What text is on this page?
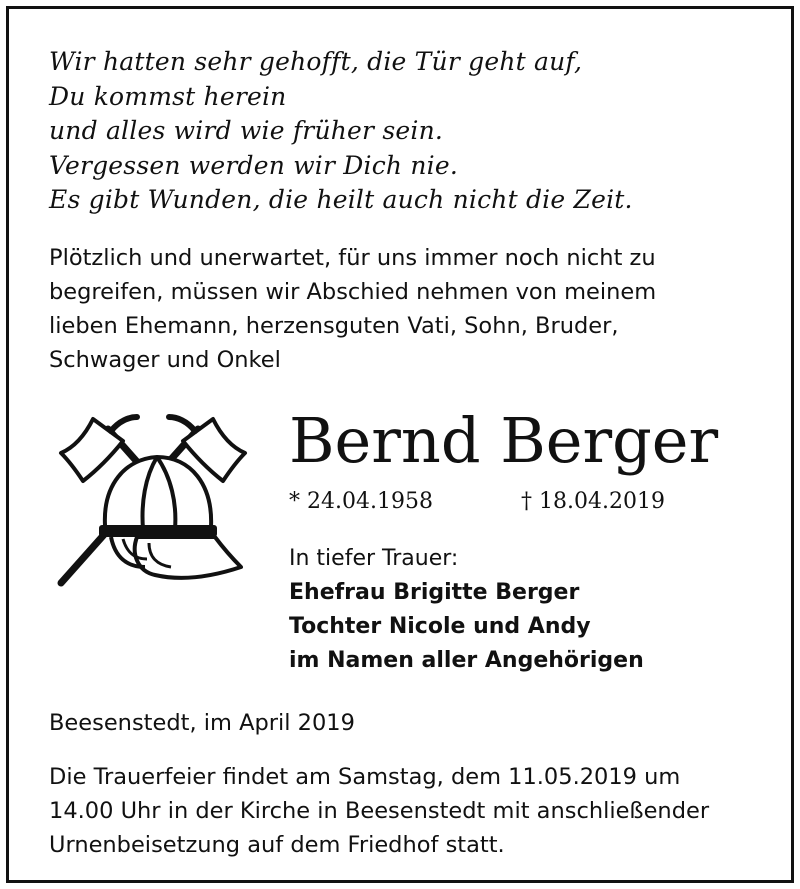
Wir hatten sehr gehofft, die Tür geht auf,
Du kommst herein
und alles wird wie früher sein.
Vergessen werden wir Dich nie.
Es gibt Wunden, die heilt auch nicht die Zeit.
Plötzlich und unerwartet, für uns immer noch nicht zu
begreifen, müssen wir Abschied nehmen von meinem
lieben Ehemann, herzensguten Vati, Sohn, Bruder,
Schwager und Onkel
Bernd Berger
* 24.04.1958	† 18.04.2019
In tiefer Trauer:
Ehefrau Brigitte Berger
Tochter Nicole und Andy
im Namen aller Angehörigen
Beesenstedt, im April 2019
Die Trauerfeier findet am Samstag, dem 11.05.2019 um
14.00 Uhr in der Kirche in Beesenstedt mit anschließender
Urnenbeisetzung auf dem Friedhof statt.
